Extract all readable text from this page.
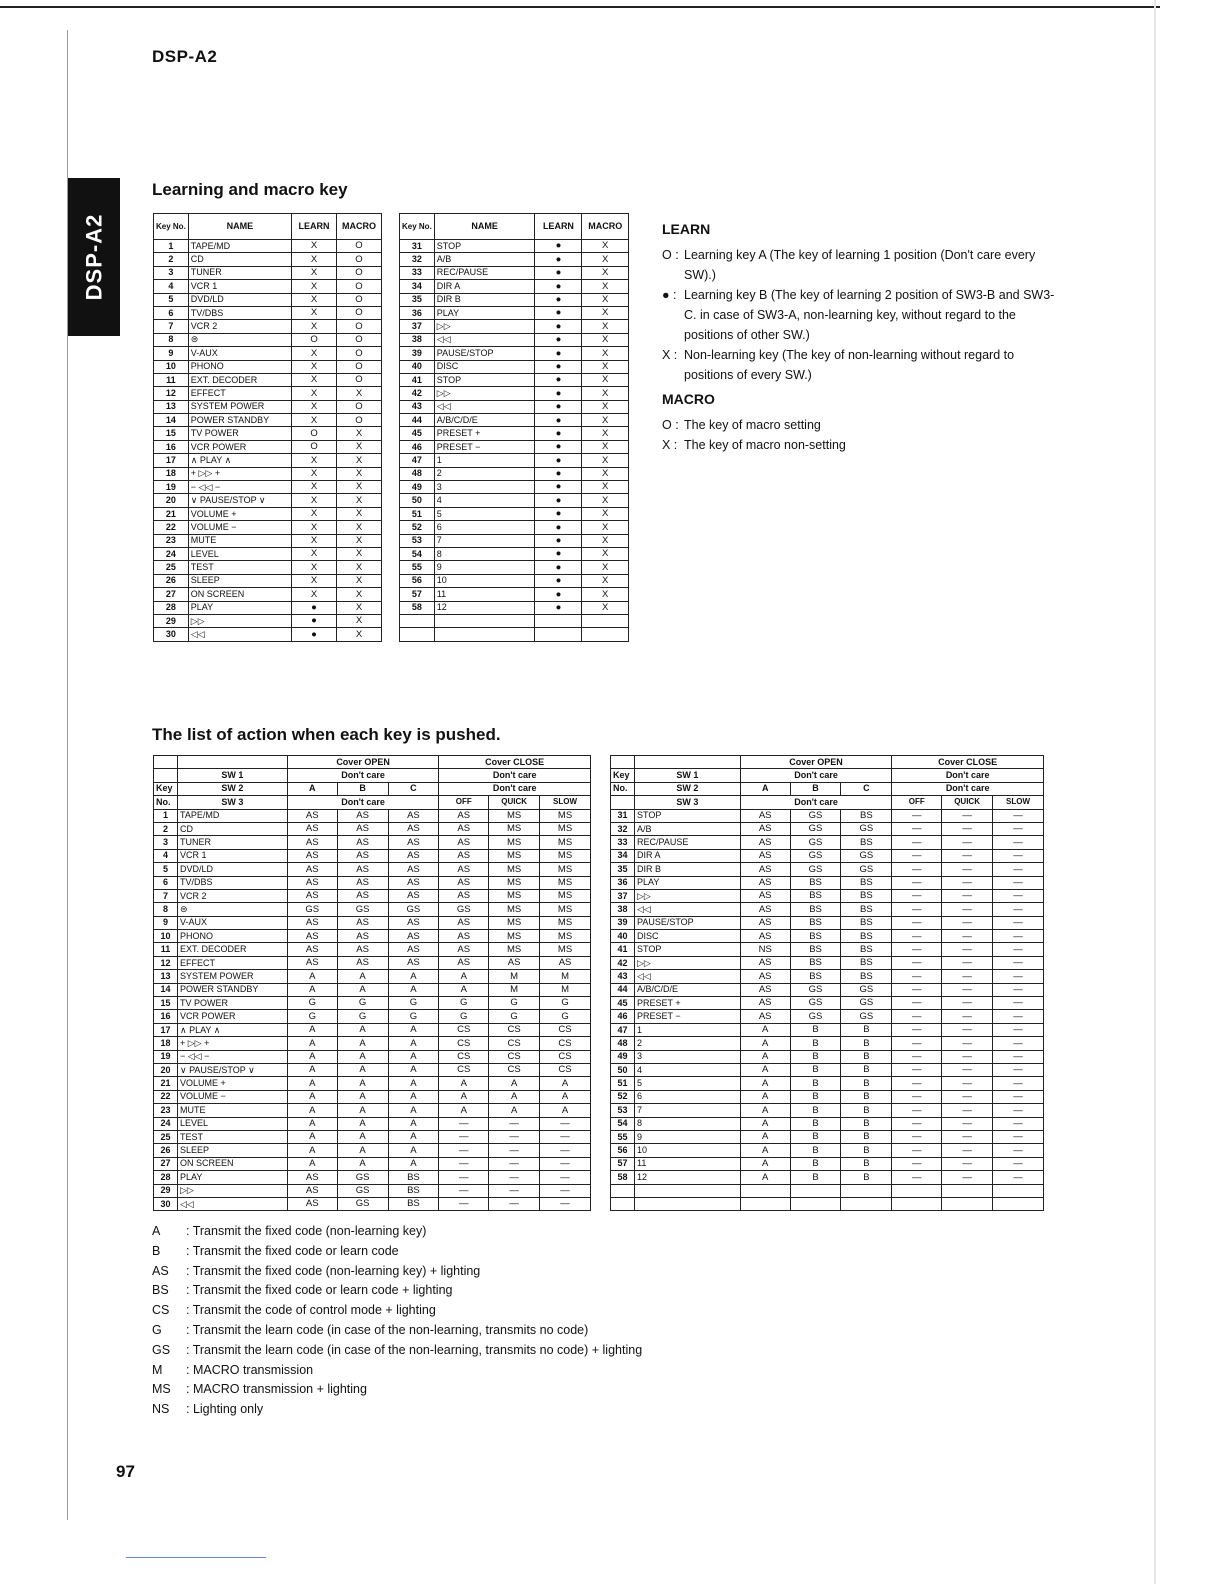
DSP-A2
DSP-A2
Learning and macro key
Key No.	NAME	LEARN	MACRO
1	TAPE/MD	X	O
2	CD	X	O
3	TUNER	X	O
4	VCR 1	X	O
5	DVD/LD	X	O
6	TV/DBS	X	O
7	VCR 2	X	O
8	⊜	O	O
9	V-AUX	X	O
10	PHONO	X	O
11	EXT. DECODER	X	O
12	EFFECT	X	X
13	SYSTEM POWER	X	O
14	POWER STANDBY	X	O
15	TV POWER	O	X
16	VCR POWER	O	X
17	∧ PLAY ∧	X	X
18	+ ▷▷ +	X	X
19	− ◁◁ −	X	X
20	∨ PAUSE/STOP ∨	X	X
21	VOLUME +	X	X
22	VOLUME −	X	X
23	MUTE	X	X
24	LEVEL	X	X
25	TEST	X	X
26	SLEEP	X	X
27	ON SCREEN	X	X
28	PLAY	●	X
29	▷▷	●	X
30	◁◁	●	X
Key No.	NAME	LEARN	MACRO
31	STOP	●	X
32	A/B	●	X
33	REC/PAUSE	●	X
34	DIR A	●	X
35	DIR B	●	X
36	PLAY	●	X
37	▷▷	●	X
38	◁◁	●	X
39	PAUSE/STOP	●	X
40	DISC	●	X
41	STOP	●	X
42	▷▷	●	X
43	◁◁	●	X
44	A/B/C/D/E	●	X
45	PRESET +	●	X
46	PRESET −	●	X
47	1	●	X
48	2	●	X
49	3	●	X
50	4	●	X
51	5	●	X
52	6	●	X
53	7	●	X
54	8	●	X
55	9	●	X
56	10	●	X
57	11	●	X
58	12	●	X

LEARN
O : Learning key A (The key of learning 1 position (Don't care every SW).)
● : Learning key B (The key of learning 2 position of SW3-B and SW3-C. in case of SW3-A, non-learning key, without regard to the positions of other SW.)
X : Non-learning key (The key of non-learning without regard to positions of every SW.)
MACRO
O : The key of macro setting
X : The key of macro non-setting
The list of action when each key is pushed.
		Cover OPEN			Cover CLOSE		
	SW 1	Don't care			Don't care		
Key	SW 2	A	B	C	Don't care		
No.	SW 3	Don't care			OFF	QUICK	SLOW
1	TAPE/MD	AS	AS	AS	AS	MS	MS
2	CD	AS	AS	AS	AS	MS	MS
3	TUNER	AS	AS	AS	AS	MS	MS
4	VCR 1	AS	AS	AS	AS	MS	MS
5	DVD/LD	AS	AS	AS	AS	MS	MS
6	TV/DBS	AS	AS	AS	AS	MS	MS
7	VCR 2	AS	AS	AS	AS	MS	MS
8	⊜	GS	GS	GS	GS	MS	MS
9	V-AUX	AS	AS	AS	AS	MS	MS
10	PHONO	AS	AS	AS	AS	MS	MS
11	EXT. DECODER	AS	AS	AS	AS	MS	MS
12	EFFECT	AS	AS	AS	AS	AS	AS
13	SYSTEM POWER	A	A	A	A	M	M
14	POWER STANDBY	A	A	A	A	M	M
15	TV POWER	G	G	G	G	G	G
16	VCR POWER	G	G	G	G	G	G
17	∧ PLAY ∧	A	A	A	CS	CS	CS
18	+ ▷▷ +	A	A	A	CS	CS	CS
19	− ◁◁ −	A	A	A	CS	CS	CS
20	∨ PAUSE/STOP ∨	A	A	A	CS	CS	CS
21	VOLUME +	A	A	A	A	A	A
22	VOLUME −	A	A	A	A	A	A
23	MUTE	A	A	A	A	A	A
24	LEVEL	A	A	A	—	—	—
25	TEST	A	A	A	—	—	—
26	SLEEP	A	A	A	—	—	—
27	ON SCREEN	A	A	A	—	—	—
28	PLAY	AS	GS	BS	—	—	—
29	▷▷	AS	GS	BS	—	—	—
30	◁◁	AS	GS	BS	—	—	—
		Cover OPEN			Cover CLOSE		
Key	SW 1	Don't care			Don't care		
No.	SW 2	A	B	C	Don't care		
	SW 3	Don't care			OFF	QUICK	SLOW
31	STOP	AS	GS	BS	—	—	—
32	A/B	AS	GS	GS	—	—	—
33	REC/PAUSE	AS	GS	BS	—	—	—
34	DIR A	AS	GS	GS	—	—	—
35	DIR B	AS	GS	GS	—	—	—
36	PLAY	AS	BS	BS	—	—	—
37	▷▷	AS	BS	BS	—	—	—
38	◁◁	AS	BS	BS	—	—	—
39	PAUSE/STOP	AS	BS	BS	—	—	—
40	DISC	AS	BS	BS	—	—	—
41	STOP	NS	BS	BS	—	—	—
42	▷▷	AS	BS	BS	—	—	—
43	◁◁	AS	BS	BS	—	—	—
44	A/B/C/D/E	AS	GS	GS	—	—	—
45	PRESET +	AS	GS	GS	—	—	—
46	PRESET −	AS	GS	GS	—	—	—
47	1	A	B	B	—	—	—
48	2	A	B	B	—	—	—
49	3	A	B	B	—	—	—
50	4	A	B	B	—	—	—
51	5	A	B	B	—	—	—
52	6	A	B	B	—	—	—
53	7	A	B	B	—	—	—
54	8	A	B	B	—	—	—
55	9	A	B	B	—	—	—
56	10	A	B	B	—	—	—
57	11	A	B	B	—	—	—
58	12	A	B	B	—	—	—

A	: Transmit the fixed code (non-learning key)
B	: Transmit the fixed code or learn code
AS	: Transmit the fixed code (non-learning key) + lighting
BS	: Transmit the fixed code or learn code + lighting
CS	: Transmit the code of control mode + lighting
G	: Transmit the learn code (in case of the non-learning, transmits no code)
GS	: Transmit the learn code (in case of the non-learning, transmits no code) + lighting
M	: MACRO transmission
MS	: MACRO transmission + lighting
NS	: Lighting only
97
